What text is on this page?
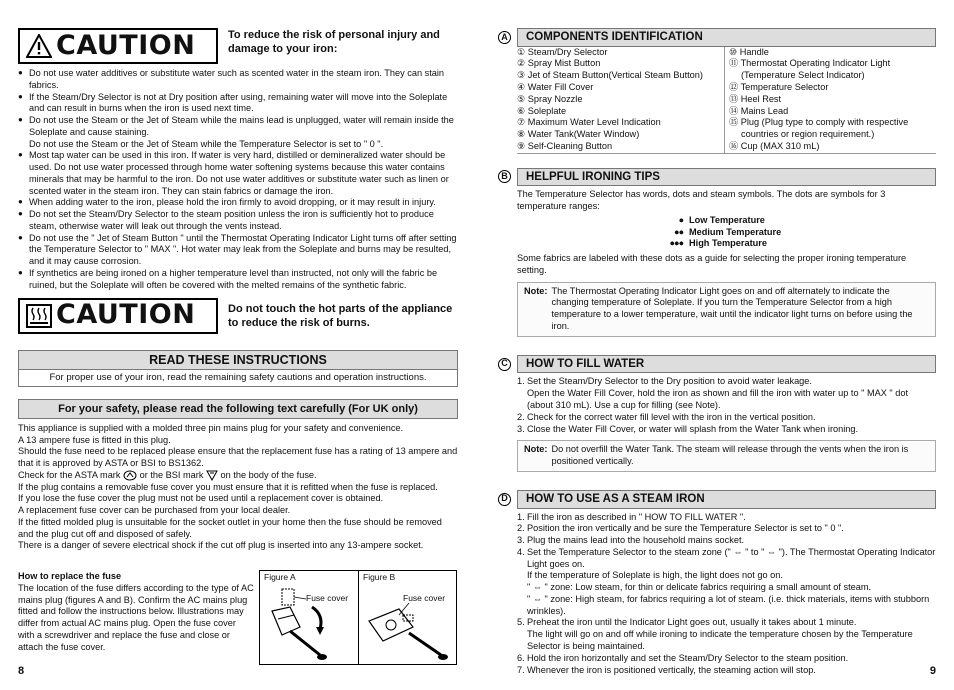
CAUTION	To reduce the risk of personal injury and damage to your iron:
● Do not use water additives or substitute water such as scented water in the steam iron. They can stain fabrics.
● If the Steam/Dry Selector is not at Dry position after using, remaining water will move into the Soleplate and can result in burns when the iron is used next time.
● Do not use the Steam or the Jet of Steam while the mains lead is unplugged, water will remain inside the Soleplate and cause staining.
Do not use the Steam or the Jet of Steam while the Temperature Selector is set to " 0 ".
● Most tap water can be used in this iron. If water is very hard, distilled or demineralized water should be used. Do not use water processed through home water softening systems because this water contains minerals that may be harmful to the iron. Do not use water additives or substitute water such as linen or scented water in the steam iron. They can stain fabrics or damage the iron.
● When adding water to the iron, please hold the iron firmly to avoid dropping, or it may result in injury.
● Do not set the Steam/Dry Selector to the steam position unless the iron is sufficiently hot to produce steam, otherwise water will leak out through the vents instead.
● Do not use the " Jet of Steam Button " until the Thermostat Operating Indicator Light turns off after setting the Temperature Selector to " MAX ". Hot water may leak from the Soleplate and burns may be resulted, and it may cause corrosion.
● If synthetics are being ironed on a higher temperature level than instructed, not only will the fabric be ruined, but the Soleplate will often be covered with the melted remains of the synthetic fabric.
CAUTION	Do not touch the hot parts of the appliance to reduce the risk of burns.
READ THESE INSTRUCTIONS
For proper use of your iron, read the remaining safety cautions and operation instructions.
For your safety, please read the following text carefully (For UK only)

This appliance is supplied with a molded three pin mains plug for your safety and convenience.

A 13 ampere fuse is fitted in this plug.

Should the fuse need to be replaced please ensure that the replacement fuse has a rating of 13 ampere and that it is approved by ASTA or BSI to BS1362.

Check for the ASTA mark or the BSI mark on the body of the fuse.

If the plug contains a removable fuse cover you must ensure that it is refitted when the fuse is replaced.

If you lose the fuse cover the plug must not be used until a replacement cover is obtained.

A replacement fuse cover can be purchased from your local dealer.

If the fitted molded plug is unsuitable for the socket outlet in your home then the fuse should be removed and the plug cut off and disposed of safely.

There is a danger of severe electrical shock if the cut off plug is inserted into any 13-ampere socket.

How to replace the fuse

The location of the fuse differs according to the type of AC mains plug (figures A and B). Confirm the AC mains plug fitted and follow the instructions below. Illustrations may differ from actual AC mains plug. Open the fuse cover with a screwdriver and replace the fuse and close or attach the fuse cover.

Figure A
Fuse cover
Figure B
Fuse cover
8
A	COMPONENTS IDENTIFICATION
① Steam/Dry Selector
② Spray Mist Button
③ Jet of Steam Button(Vertical Steam Button)
④ Water Fill Cover
⑤ Spray Nozzle
⑥ Soleplate
⑦ Maximum Water Level Indication
⑧ Water Tank(Water Window)
⑨ Self-Cleaning Button
⑩ Handle
⑪ Thermostat Operating Indicator Light
(Temperature Select Indicator)
⑫ Temperature Selector
⑬ Heel Rest
⑭ Mains Lead
⑮ Plug (Plug type to comply with respective
countries or region requirement.)
⑯ Cup (MAX 310 mL)
B	HELPFUL IRONING TIPS

The Temperature Selector has words, dots and steam symbols. The dots are symbols for 3 temperature ranges:

● Low Temperature
●● Medium Temperature
●●● High Temperature

Some fabrics are labeled with these dots as a guide for selecting the proper ironing temperature setting.

Note: The Thermostat Operating Indicator Light goes on and off alternately to indicate the changing temperature of Soleplate. If you turn the Temperature Selector from a high temperature to a lower temperature, wait until the indicator light turns on before using the iron.
C	HOW TO FILL WATER
1. Set the Steam/Dry Selector to the Dry position to avoid water leakage.
Open the Water Fill Cover, hold the iron as shown and fill the iron with water up to " MAX " dot (about 310 mL). Use a cup for filling (see Note).
2. Check for the correct water fill level with the iron in the vertical position.
3. Close the Water Fill Cover, or water will splash from the Water Tank when ironing.
Note: Do not overfill the Water Tank. The steam will release through the vents when the iron is positioned vertically.
D	HOW TO USE AS A STEAM IRON
1. Fill the iron as described in " HOW TO FILL WATER ".
2. Position the iron vertically and be sure the Temperature Selector is set to " 0 ".
3. Plug the mains lead into the household mains socket.
4. Set the Temperature Selector to the steam zone (" ⇔ " to " ⇔ "). The Thermostat Operating Indicator Light goes on.
If the temperature of Soleplate is high, the light does not go on.
" ⇔ " zone: Low steam, for thin or delicate fabrics requiring a small amount of steam.
" ⇔ " zone: High steam, for fabrics requiring a lot of steam. (i.e. thick materials, items with stubborn wrinkles).
5. Preheat the iron until the Indicator Light goes out, usually it takes about 1 minute.
The light will go on and off while ironing to indicate the temperature chosen by the Temperature Selector is being maintained.
6. Hold the iron horizontally and set the Steam/Dry Selector to the steam position.
7. Whenever the iron is positioned vertically, the steaming action will stop.	9
